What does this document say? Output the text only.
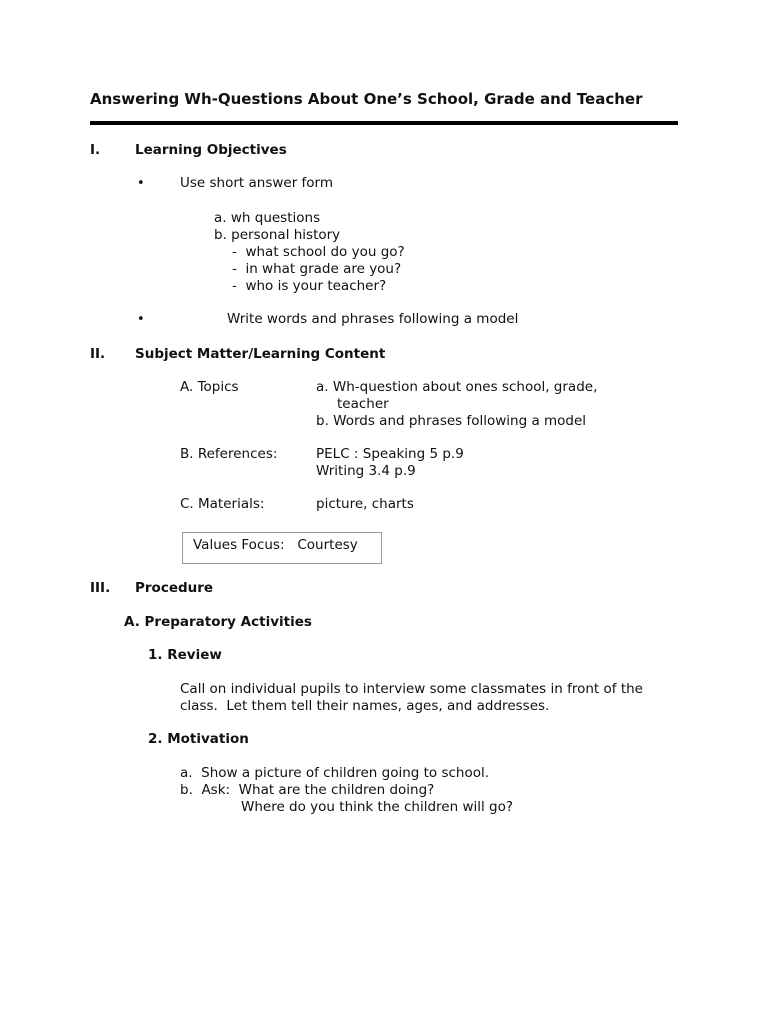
Answering Wh-Questions About One’s School, Grade and Teacher
I.	Learning Objectives
•	Use short answer form
a. wh questions
b. personal history
-  what school do you go?
-  in what grade are you?
-  who is your teacher?
•	Write words and phrases following a model
II. Subject Matter/Learning Content
A. Topics	a. Wh-question about ones school, grade,
teacher
b. Words and phrases following a model
B. References:	PELC : Speaking 5 p.9
Writing 3.4 p.9
C. Materials:	picture, charts
Values Focus:   Courtesy
III. Procedure
A. Preparatory Activities
1. Review
Call on individual pupils to interview some classmates in front of the
class.  Let them tell their names, ages, and addresses.
2. Motivation
a.  Show a picture of children going to school.
b.  Ask:  What are the children doing?
Where do you think the children will go?
